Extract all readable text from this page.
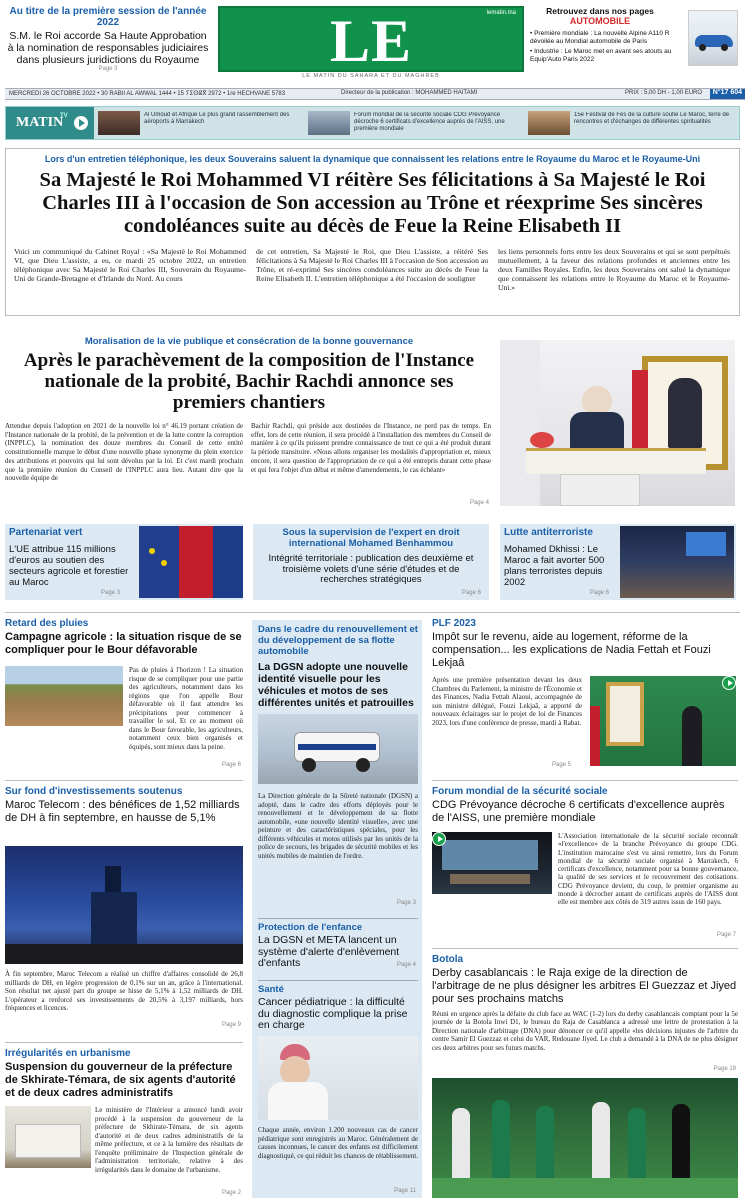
Au titre de la première session de l'année 2022
S.M. le Roi accorde Sa Haute Approbation à la nomination de responsables judiciaires dans plusieurs juridictions du Royaume
Page 3	LE	lematin.ma
LE MATIN DU SAHARA ET DU MAGHREB
Retrouvez dans nos pages
AUTOMOBILE
• Première mondiale : La nouvelle Alpine A110 R dévoilée au Mondial automobile de Paris
• Industrie : Le Maroc met en avant ses atouts au Equip'Auto Paris 2022
MERCREDI 26 OCTOBRE 2022 • 30 RABII AL AWWAL 1444 • 15 ⵢⵉⵙⵓⴳ 2972 • 1re HECHVANE 5783	Directeur de la publication : MOHAMMED HAITAMI	PRIX : 5,00 DH - 1,00 EURO	N°17 604
MATIN
TV	Al Umoud et Afrique Le plus grand rassemblement des aéroports à Marrakech
Forum mondial de la sécurité sociale CDG Prévoyance décroche 6 certificats d'excellence auprès de l'AISS, une première mondiale
15e Festival de Fès de la culture soufie Le Maroc, terre de rencontres et d'échanges de différentes spiritualités
Lors d'un entretien téléphonique, les deux Souverains saluent la dynamique que connaissent les relations entre le Royaume du Maroc et le Royaume-Uni
Sa Majesté le Roi Mohammed VI réitère Ses félicitations à Sa Majesté le Roi Charles III à l'occasion de Son accession au Trône et réexprime Ses sincères condoléances suite au décès de Feue la Reine Elisabeth II
Voici un communiqué du Cabinet Royal : «Sa Majesté le Roi Mohammed VI, que Dieu L'assiste, a eu, ce mardi 25 octobre 2022, un entretien téléphonique avec Sa Majesté le Roi Charles III, Souverain du Royaume-Uni de Grande-Bretagne et d'Irlande du Nord. Au cours
de cet entretien, Sa Majesté le Roi, que Dieu L'assiste, a réitéré Ses félicitations à Sa Majesté le Roi Charles III à l'occasion de Son accession au Trône, et ré-exprimé Ses sincères condoléances suite au décès de Feue la Reine Elisabeth II. L'entretien téléphonique a été l'occasion de souligner
les liens personnels forts entre les deux Souverains et qui se sont perpétués mutuellement, à la faveur des relations profondes et anciennes entre les deux Familles Royales. Enfin, les deux Souverains ont salué la dynamique que connaissent les relations entre le Royaume du Maroc et le Royaume-Uni.»
Moralisation de la vie publique et consécration de la bonne gouvernance
Après le parachèvement de la composition de l'Instance nationale de la probité, Bachir Rachdi annonce ses premiers chantiers
Attendue depuis l'adoption en 2021 de la nouvelle loi n° 46.19 portant création de l'Instance nationale de la probité, de la prévention et de la lutte contre la corruption (INPPLC), la nomination des douze membres du Conseil de cette entité constitutionnelle marque le début d'une nouvelle phase synonyme du plein exercice des attributions et pouvoirs qui lui sont dévolus par la loi. Et c'est mardi prochain que la première réunion du Conseil de l'INPPLC aura lieu. Autant dire que la nouvelle équipe de
Bachir Rachdi, qui préside aux destinées de l'Instance, ne perd pas de temps. En effet, lors de cette réunion, il sera procédé à l'installation des membres du Conseil de manière à ce qu'ils puissent prendre connaissance de tout ce qui a été produit durant la période transitoire. «Nous allons organiser les modalités d'appropriation et, mieux encore, il sera question de l'appropriation de ce qui a été entrepris durant cette phase et qui fera l'objet d'un débat et même d'amendements, le cas échéant»
Page 4
Partenariat vert
L'UE attribue 115 millions d'euros au soutien des secteurs agricole et forestier au Maroc
Page 3
Sous la supervision de l'expert en droit international Mohamed Benhammou
Intégrité territoriale : publication des deuxième et troisième volets d'une série d'études et de recherches stratégiques
Page 6
Lutte antiterroriste
Mohamed Dkhissi : Le Maroc a fait avorter 500 plans terroristes depuis 2002
Page 6
Retard des pluies
Campagne agricole : la situation risque de se compliquer pour le Bour défavorable
Pas de pluies à l'horizon ! La situation risque de se compliquer pour une partie des agriculteurs, notamment dans les régions que l'on appelle Bour défavorable où il faut attendre les précipitations pour commencer à travailler le sol. Et ce au moment où dans le Bour favorable, les agriculteurs, notamment ceux bien organisés et équipés, sont mieux dans la peine.
Page 6
Sur fond d'investissements soutenus
Maroc Telecom : des bénéfices de 1,52 milliards de DH à fin septembre, en hausse de 5,1%
À fin septembre, Maroc Telecom a réalisé un chiffre d'affaires consolidé de 26,8 milliards de DH, en légère progression de 0,1% sur un an, grâce à l'international. Son résultat net ajusté part du groupe se hisse de 5,1% à 1,52 milliards de DH. L'opérateur a renforcé ses investissements de 20,5% à 3,197 milliards, hors fréquences et licences.
Page 9
Irrégularités en urbanisme
Suspension du gouverneur de la préfecture de Skhirate-Témara, de six agents d'autorité et de deux cadres administratifs
Le ministère de l'Intérieur a annoncé lundi avoir procédé à la suspension du gouverneur de la préfecture de Skhirate-Témara, de six agents d'autorité et de deux cadres administratifs de la même préfecture, et ce à la lumière des résultats de l'enquête préliminaire de l'Inspection générale de l'administration territoriale, relative à des irrégularités dans le domaine de l'urbanisme.
Page 2
Dans le cadre du renouvellement et du développement de sa flotte automobile
La DGSN adopte une nouvelle identité visuelle pour les véhicules et motos de ses différentes unités et patrouilles
La Direction générale de la Sûreté nationale (DGSN) a adopté, dans le cadre des efforts déployés pour le renouvellement et le développement de sa flotte automobile, «une nouvelle identité visuelle», avec une peinture et des caractéristiques spéciales, pour les différents véhicules et motos utilisés par les unités de la police de secours, les brigades de sécurité mobiles et les unités mobiles de maintien de l'ordre.
Page 3
Protection de l'enfance
La DGSN et META lancent un système d'alerte d'enlèvement d'enfants	Page 4
Santé
Cancer pédiatrique : la difficulté du diagnostic complique la prise en charge
Chaque année, environ 1.200 nouveaux cas de cancer pédiatrique sont enregistrés au Maroc. Généralement de causes inconnues, le cancer des enfants est difficilement diagnostiqué, ce qui réduit les chances de rétablissement.
Page 11
PLF 2023
Impôt sur le revenu, aide au logement, réforme de la compensation... les explications de Nadia Fettah et Fouzi Lekjaâ
Après une première présentation devant les deux Chambres du Parlement, la ministre de l'Économie et des Finances, Nadia Fettah Alaoui, accompagnée de son ministre délégué, Fouzi Lekjaâ, a apporté de nouveaux éclairages sur le projet de loi de Finances 2023, lors d'une conférence de presse, mardi à Rabat.
Page 5
Forum mondial de la sécurité sociale
CDG Prévoyance décroche 6 certificats d'excellence auprès de l'AISS, une première mondiale
L'Association internationale de la sécurité sociale reconnaît «l'excellence» de la branche Prévoyance du groupe CDG. L'institution marocaine s'est vu ainsi remettre, lors du Forum mondial de la sécurité sociale organisé à Marrakech, 6 certificats d'excellence, notamment pour sa bonne gouvernance, la qualité de ses services et le recouvrement des cotisations. CDG Prévoyance devient, du coup, le premier organisme au monde à décrocher autant de certificats auprès de l'AISS dont elle est membre aux côtés de 319 autres issus de 160 pays.
Page 7
Botola
Derby casablancais : le Raja exige de la direction de l'arbitrage de ne plus désigner les arbitres El Guezzaz et Jiyed pour ses prochains matchs
Réuni en urgence après la défaite du club face au WAC (1-2) lors du derby casablancais comptant pour la 5e journée de la Botola Inwi D1, le bureau du Raja de Casablanca a adressé une lettre de protestation à la Direction nationale d'arbitrage (DNA) pour dénoncer ce qu'il appelle «les décisions injustes de l'arbitre du centre Samir El Guezzaz et celui du VAR, Redouane Jiyed. Le club a demandé à la DNA de ne plus désigner ces deux arbitres pour ses futurs matchs.
Page 19
